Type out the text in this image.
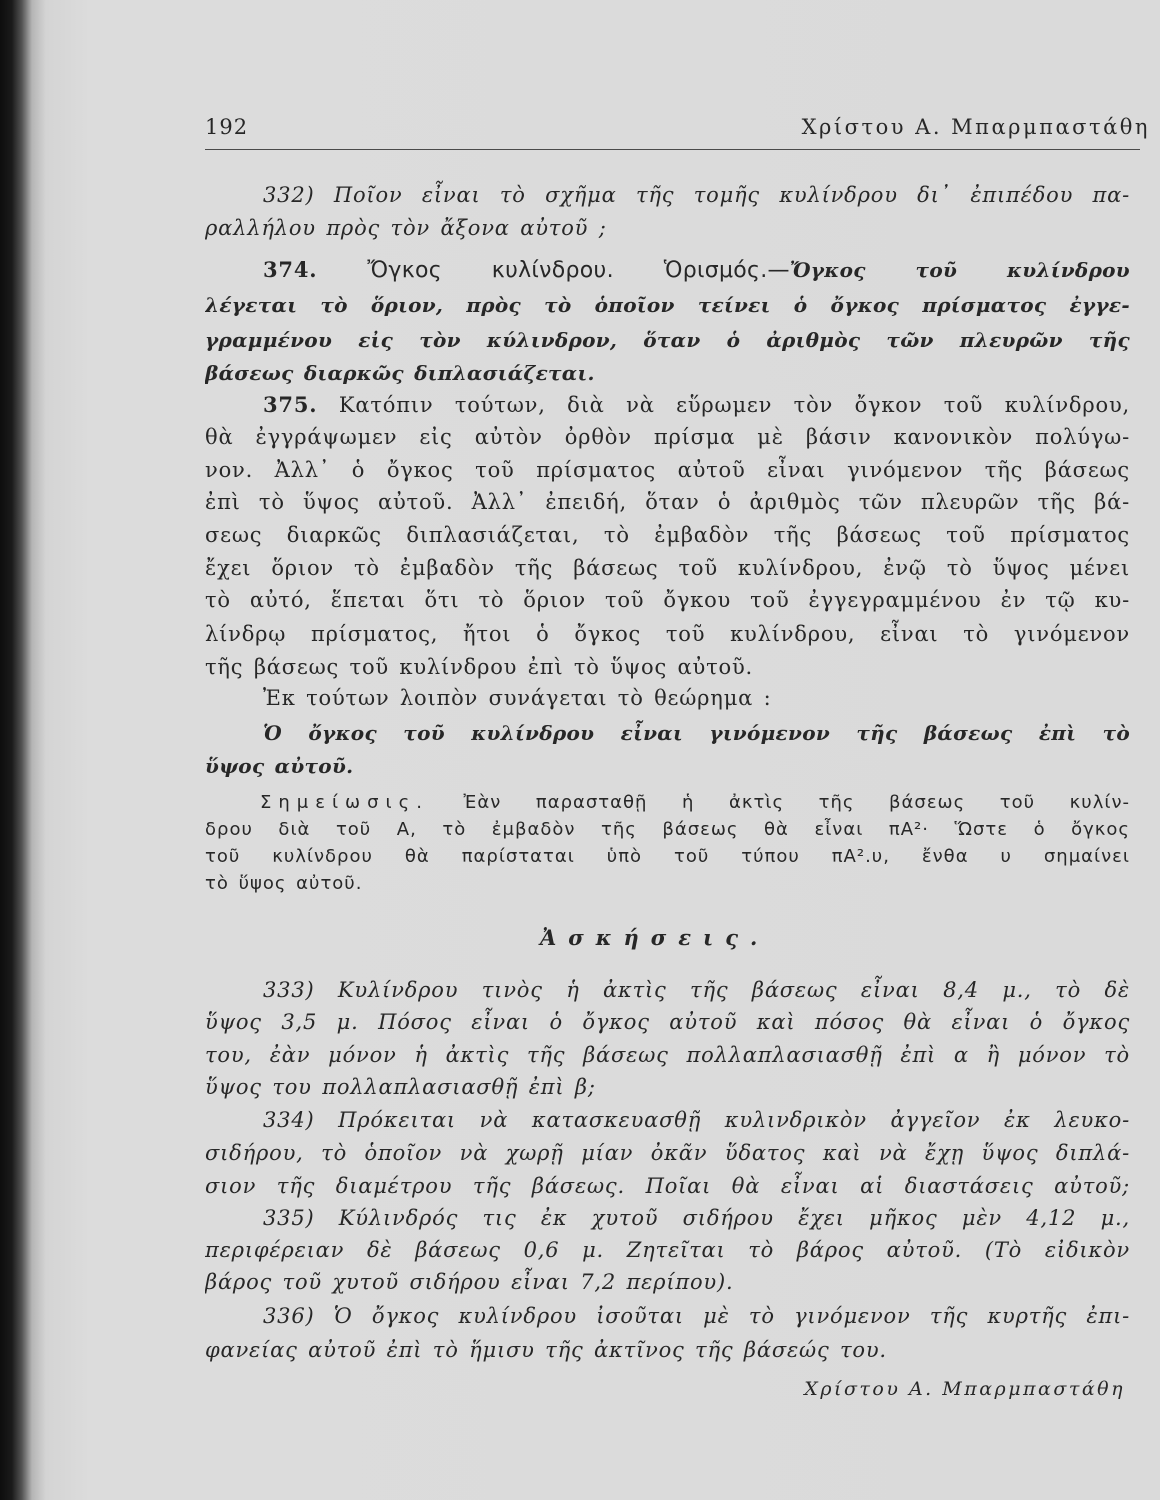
192	Χρίστου Α. Μπαρμπαστάθη
332) Ποῖον εἶναι τὸ σχῆμα τῆς τομῆς κυλίνδρου δι᾽ ἐπιπέδου πα-
ραλλήλου πρὸς τὸν ἄξονα αὐτοῦ ;
374. Ὄγκος κυλίνδρου. Ὁρισμός.—Ὄγκος τοῦ κυλίνδρου
λέγεται τὸ ὅριον, πρὸς τὸ ὁποῖον τείνει ὁ ὄγκος πρίσματος ἐγγε-
γραμμένου εἰς τὸν κύλινδρον, ὅταν ὁ ἀριθμὸς τῶν πλευρῶν τῆς
βάσεως διαρκῶς διπλασιάζεται.
375. Κατόπιν τούτων, διὰ νὰ εὕρωμεν τὸν ὄγκον τοῦ κυλίνδρου,
θὰ ἐγγράψωμεν εἰς αὐτὸν ὀρθὸν πρίσμα μὲ βάσιν κανονικὸν πολύγω-
νον. Ἀλλ᾽ ὁ ὄγκος τοῦ πρίσματος αὐτοῦ εἶναι γινόμενον τῆς βάσεως
ἐπὶ τὸ ὕψος αὐτοῦ. Ἀλλ᾽ ἐπειδή, ὅταν ὁ ἀριθμὸς τῶν πλευρῶν τῆς βά-
σεως διαρκῶς διπλασιάζεται, τὸ ἐμβαδὸν τῆς βάσεως τοῦ πρίσματος
ἔχει ὅριον τὸ ἐμβαδὸν τῆς βάσεως τοῦ κυλίνδρου, ἐνῷ τὸ ὕψος μένει
τὸ αὐτό, ἕπεται ὅτι τὸ ὅριον τοῦ ὄγκου τοῦ ἐγγεγραμμένου ἐν τῷ κυ-
λίνδρῳ πρίσματος, ἤτοι ὁ ὄγκος τοῦ κυλίνδρου, εἶναι τὸ γινόμενον
τῆς βάσεως τοῦ κυλίνδρου ἐπὶ τὸ ὕψος αὐτοῦ.
Ἐκ τούτων λοιπὸν συνάγεται τὸ θεώρημα :
Ὁ ὄγκος τοῦ κυλίνδρου εἶναι γινόμενον τῆς βάσεως ἐπὶ τὸ
ὕψος αὐτοῦ.
Σημείωσις. Ἐὰν παρασταθῇ ἡ ἀκτὶς τῆς βάσεως τοῦ κυλίν-
δρου διὰ τοῦ Α, τὸ ἐμβαδὸν τῆς βάσεως θὰ εἶναι πΑ²· Ὥστε ὁ ὄγκος
τοῦ κυλίνδρου θὰ παρίσταται ὑπὸ τοῦ τύπου πΑ².υ, ἔνθα υ σημαίνει
τὸ ὕψος αὐτοῦ.
Ἀσκήσεις.
333) Κυλίνδρου τινὸς ἡ ἀκτὶς τῆς βάσεως εἶναι 8,4 μ., τὸ δὲ
ὕψος 3,5 μ. Πόσος εἶναι ὁ ὄγκος αὐτοῦ καὶ πόσος θὰ εἶναι ὁ ὄγκος
του, ἐὰν μόνον ἡ ἀκτὶς τῆς βάσεως πολλαπλασιασθῇ ἐπὶ α ἢ μόνον τὸ
ὕψος του πολλαπλασιασθῇ ἐπὶ β;
334) Πρόκειται νὰ κατασκευασθῇ κυλινδρικὸν ἀγγεῖον ἐκ λευκο-
σιδήρου, τὸ ὁποῖον νὰ χωρῇ μίαν ὀκᾶν ὕδατος καὶ νὰ ἔχῃ ὕψος διπλά-
σιον τῆς διαμέτρου τῆς βάσεως. Ποῖαι θὰ εἶναι αἱ διαστάσεις αὐτοῦ;
335) Κύλινδρός τις ἐκ χυτοῦ σιδήρου ἔχει μῆκος μὲν 4,12 μ.,
περιφέρειαν δὲ βάσεως 0,6 μ. Ζητεῖται τὸ βάρος αὐτοῦ. (Τὸ εἰδικὸν
βάρος τοῦ χυτοῦ σιδήρου εἶναι 7,2 περίπου).
336) Ὁ ὄγκος κυλίνδρου ἰσοῦται μὲ τὸ γινόμενον τῆς κυρτῆς ἐπι-
φανείας αὐτοῦ ἐπὶ τὸ ἥμισυ τῆς ἀκτῖνος τῆς βάσεώς του.
Χρίστου Α. Μπαρμπαστάθη
